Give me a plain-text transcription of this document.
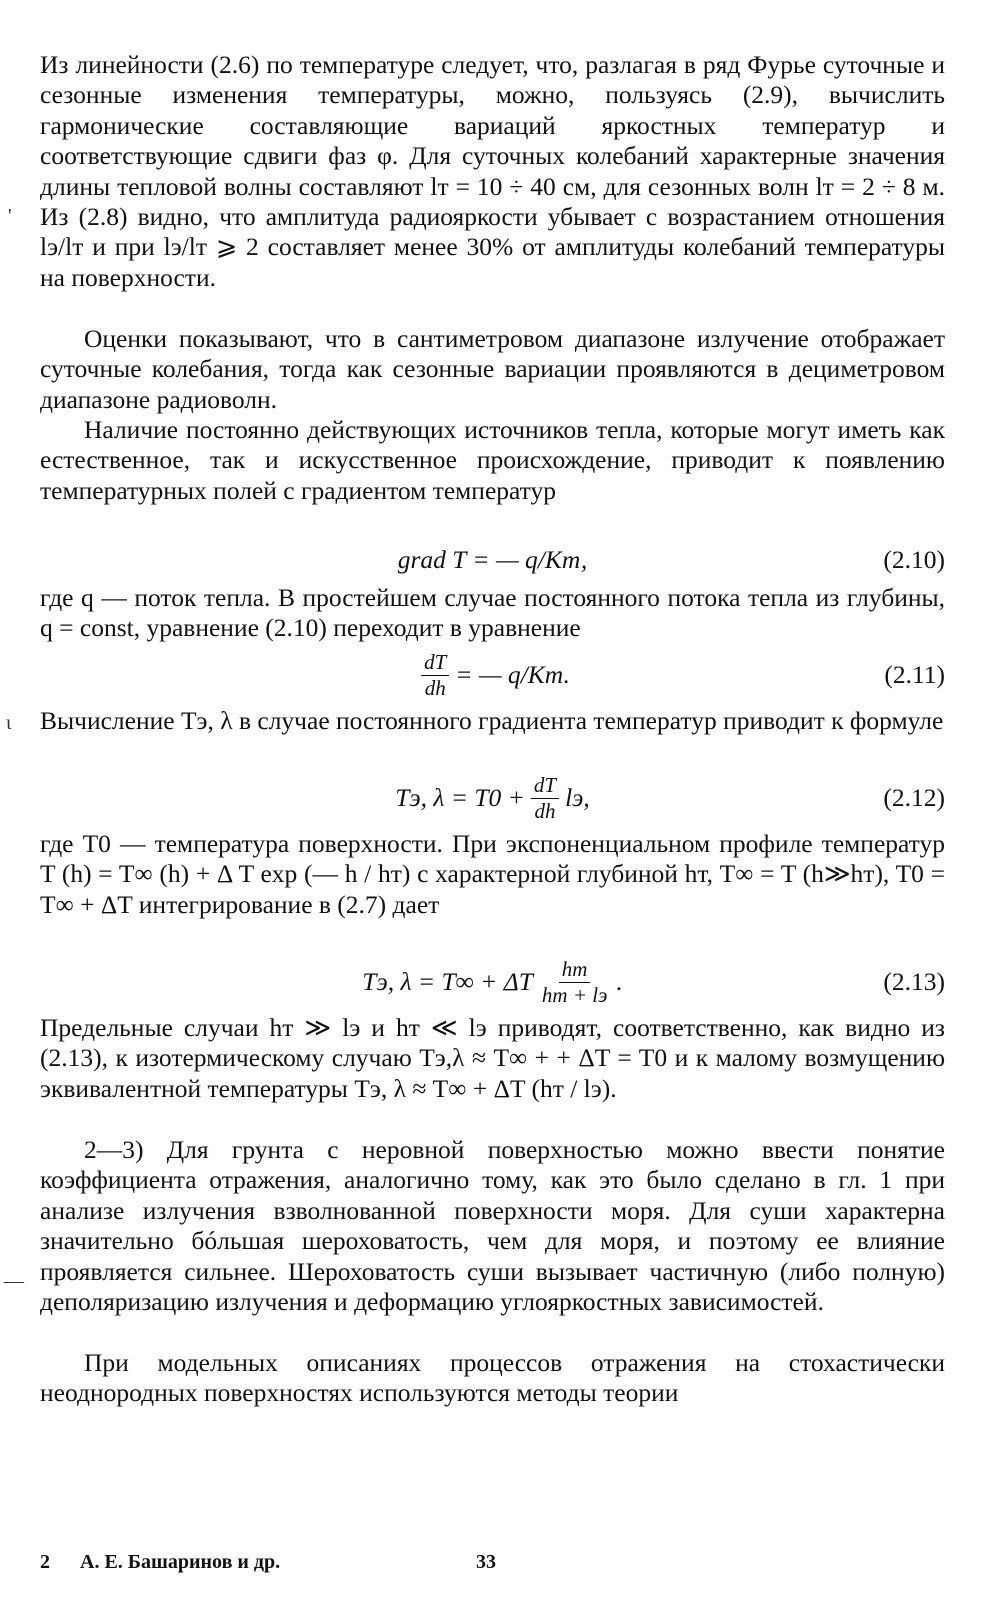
Из линейности (2.6) по температуре следует, что, разлагая в ряд Фурье суточные и сезонные изменения температуры, можно, пользуясь (2.9), вычислить гармонические составляющие вариаций яркостных температур и соответствующие сдвиги фаз φ. Для суточных колебаний характерные значения длины тепловой волны составляют lт = 10 ÷ 40 см, для сезонных волн lт = 2 ÷ 8 м. Из (2.8) видно, что амплитуда радиояркости убывает с возрастанием отношения lэ/lт и при lэ/lт ⩾ 2 составляет менее 30% от амплитуды колебаний температуры на поверхности.

Оценки показывают, что в сантиметровом диапазоне излучение отображает суточные колебания, тогда как сезонные вариации проявляются в дециметровом диапазоне радиоволн.

Наличие постоянно действующих источников тепла, которые могут иметь как естественное, так и искусственное происхождение, приводит к появлению температурных полей с градиентом температур

grad T = — q/Kт,	(2.10)

где q — поток тепла. В простейшем случае постоянного потока тепла из глубины, q = const, уравнение (2.10) переходит в уравнение

$\frac{dT}{dh}$ = — q/Kт.	(2.11)

Вычисление Tэ, λ в случае постоянного градиента температур приводит к формуле

Tэ, $\lambda = T0 + \frac{dT}{dh}$ lэ,	(2.12)

где T0 — температура поверхности. При экспоненциальном профиле температур T (h) = T∞ (h) + Δ T exp (— h / hт) с характерной глубиной hт, T∞ = T (h≫hт), T0 = T∞ + ΔT интегрирование в (2.7) дает

Tэ, λ = T∞ + ΔT $\frac{hт}{hт + lэ}$ .	(2.13)

Предельные случаи hт ≫ lэ и hт ≪ lэ приводят, соответственно, как видно из (2.13), к изотермическому случаю Tэ,λ ≈ T∞ + + ΔT = T0 и к малому возмущению эквивалентной температуры Tэ, λ ≈ T∞ + ΔT (hт / lэ).

2—3) Для грунта с неровной поверхностью можно ввести понятие коэффициента отражения, аналогично тому, как это было сделано в гл. 1 при анализе излучения взволнованной поверхности моря. Для суши характерна значительно бóльшая шероховатость, чем для моря, и поэтому ее влияние проявляется сильнее. Шероховатость суши вызывает частичную (либо полную) деполяризацию излучения и деформацию углояркостных зависимостей.

При модельных описаниях процессов отражения на стохастически неоднородных поверхностях используются методы теории

'
ι
—
2 А. Е. Башаринов и др.	33
